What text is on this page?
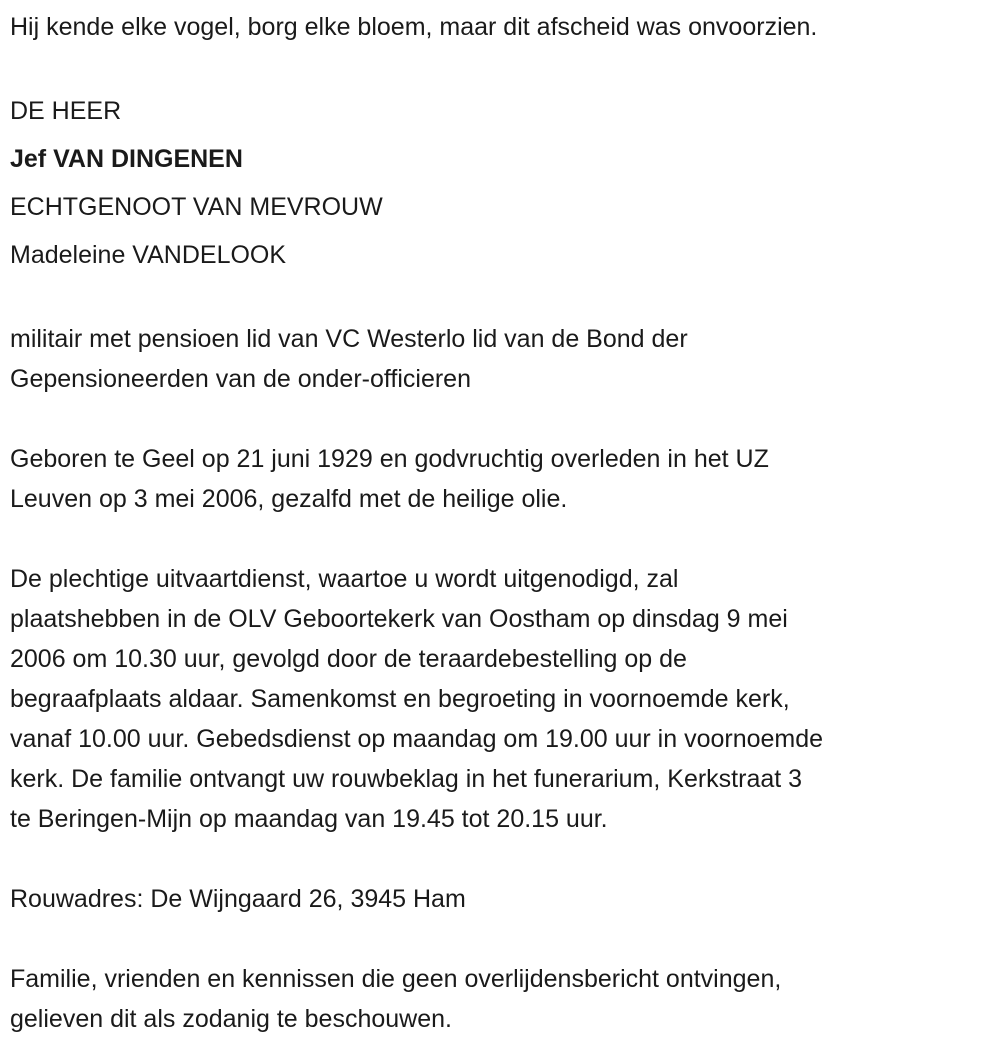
Hij kende elke vogel, borg elke bloem, maar dit afscheid was onvoorzien.
DE HEER
Jef VAN DINGENEN
ECHTGENOOT VAN MEVROUW
Madeleine VANDELOOK
militair met pensioen lid van VC Westerlo lid van de Bond der
Gepensioneerden van de onder-officieren
Geboren te Geel op 21 juni 1929 en godvruchtig overleden in het UZ
Leuven op 3 mei 2006, gezalfd met de heilige olie.
De plechtige uitvaartdienst, waartoe u wordt uitgenodigd, zal
plaatshebben in de OLV Geboortekerk van Oostham op dinsdag 9 mei
2006 om 10.30 uur, gevolgd door de teraardebestelling op de
begraafplaats aldaar. Samenkomst en begroeting in voornoemde kerk,
vanaf 10.00 uur. Gebedsdienst op maandag om 19.00 uur in voornoemde
kerk. De familie ontvangt uw rouwbeklag in het funerarium, Kerkstraat 3
te Beringen-Mijn op maandag van 19.45 tot 20.15 uur.
Rouwadres: De Wijngaard 26, 3945 Ham
Familie, vrienden en kennissen die geen overlijdensbericht ontvingen,
gelieven dit als zodanig te beschouwen.
